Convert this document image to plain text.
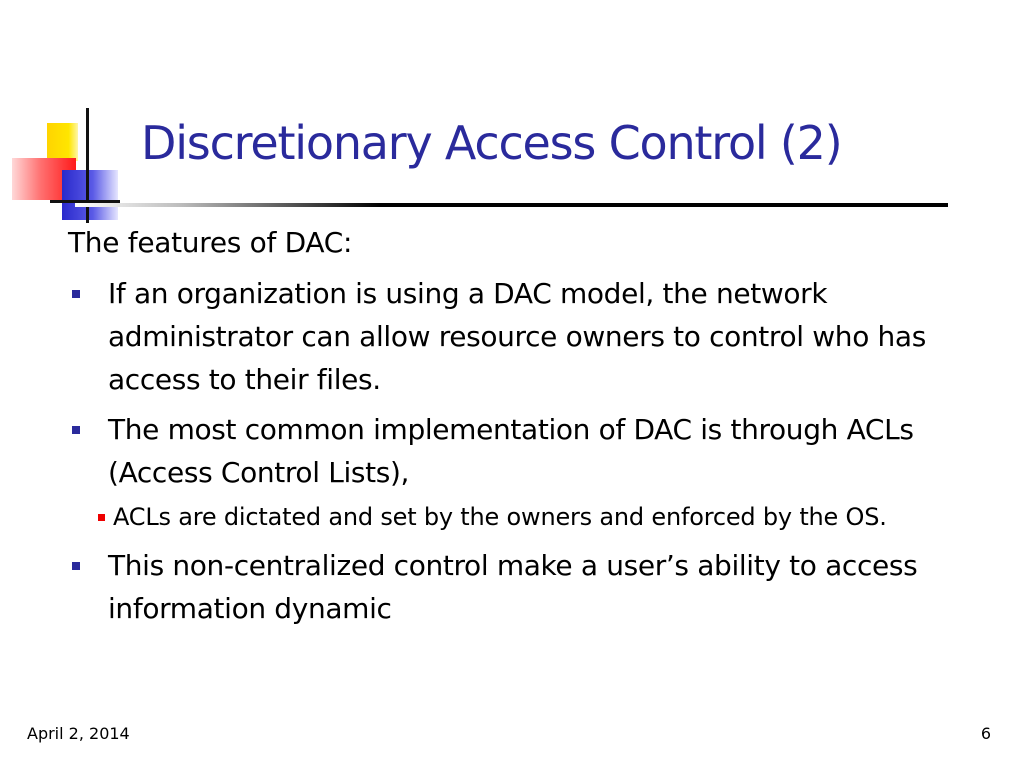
Discretionary Access Control (2)

The features of DAC:

If an organization is using a DAC model, the network administrator can allow resource owners to control who has access to their files.
The most common implementation of DAC is through ACLs (Access Control Lists),
ACLs are dictated and set by the owners and enforced by the OS.
This non-centralized control make a user’s ability to access information dynamic
April 2, 2014	6
